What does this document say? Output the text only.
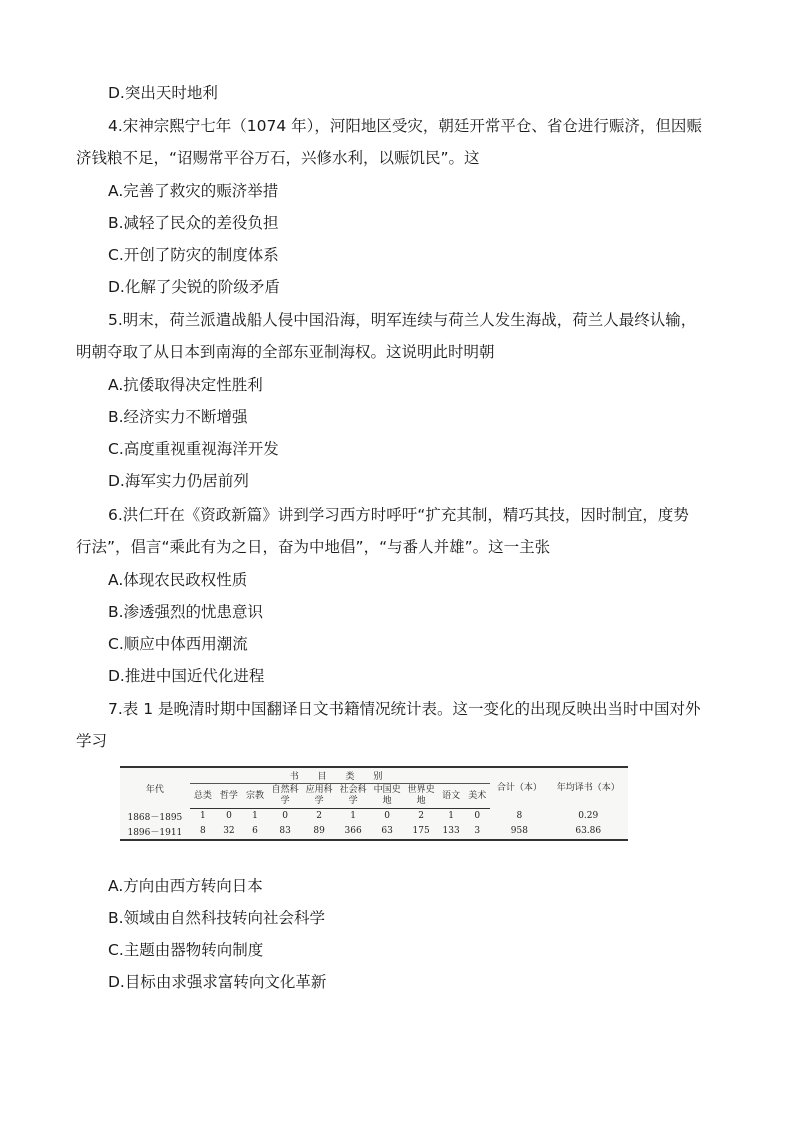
D.突出天时地利
4.宋神宗熙宁七年（1074 年），河阳地区受灾，朝廷开常平仓、省仓进行赈济，但因赈
济钱粮不足，“诏赐常平谷万石，兴修水利，以赈饥民”。这
A.完善了救灾的赈济举措
B.减轻了民众的差役负担
C.开创了防灾的制度体系
D.化解了尖锐的阶级矛盾
5.明末，荷兰派遣战船人侵中国沿海，明军连续与荷兰人发生海战，荷兰人最终认输，
明朝夺取了从日本到南海的全部东亚制海权。这说明此时明朝
A.抗倭取得决定性胜利
B.经济实力不断增强
C.高度重视重视海洋开发
D.海军实力仍居前列
6.洪仁玕在《资政新篇》讲到学习西方时呼吁“扩充其制，精巧其技，因时制宜，度势
行法”，倡言“乘此有为之日，奋为中地倡”，“与番人并雄”。这一主张
A.体现农民政权性质
B.渗透强烈的忧患意识
C.顺应中体西用潮流
D.推进中国近代化进程
7.表 1 是晚清时期中国翻译日文书籍情况统计表。这一变化的出现反映出当时中国对外
学习
年代	书 目 类 别										合计（本）	年均译书（本）
	总类	哲学	宗教	自然科学	应用科学	社会科学	中国史地	世界史地	语文	美术		
1868－1895	1	0	1	0	2	1	0	2	1	0	8	0.29
1896－1911	8	32	6	83	89	366	63	175	133	3	958	63.86
A.方向由西方转向日本
B.领域由自然科技转向社会科学
C.主题由器物转向制度
D.目标由求强求富转向文化革新
